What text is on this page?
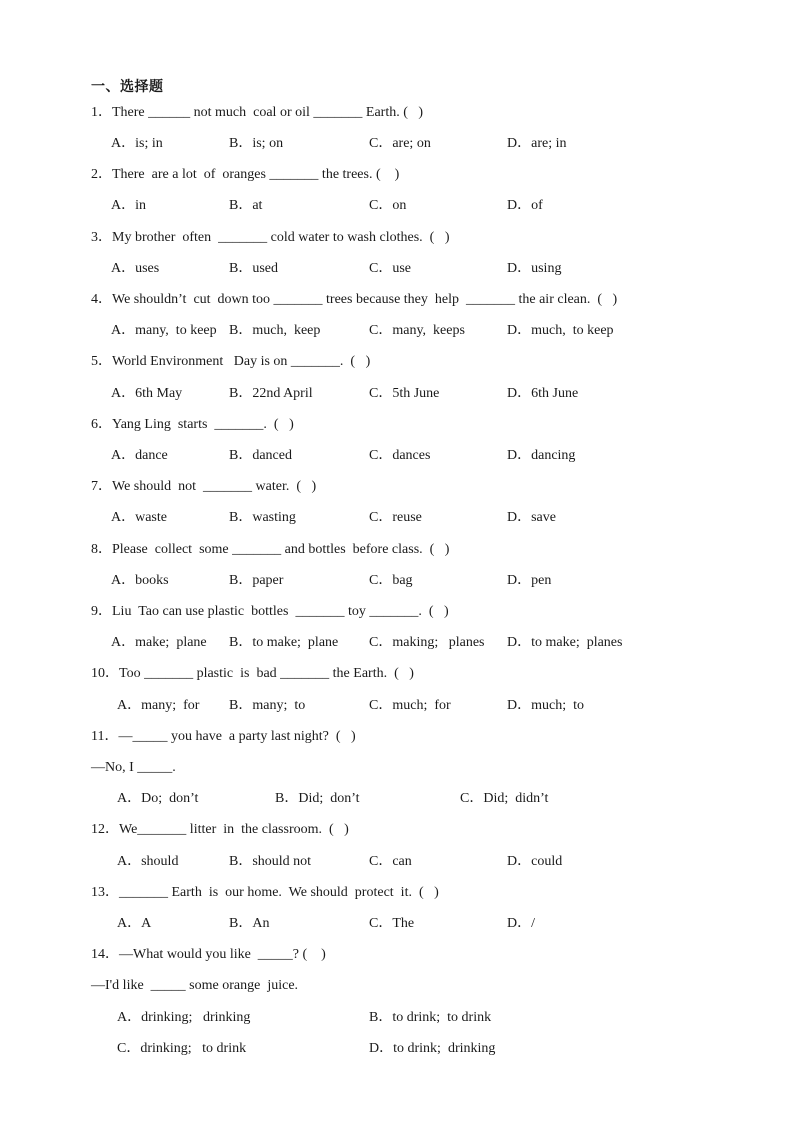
一、选择题
1．There ______ not much  coal or oil _______ Earth. (   )
A．is; in	B．is; on	C．are; on	D．are; in
2．There  are a lot  of  oranges _______ the trees. (    )
A．in	B．at	C．on	D．of
3．My brother  often  _______ cold water to wash clothes.  (   )
A．uses	B．used	C．use	D．using
4．We shouldn’t  cut  down too _______ trees because they  help  _______ the air clean.  (   )
A．many,  to keep B．much,  keep	C．many,  keeps	D．much,  to keep
5．World Environment   Day is on _______.  (   )
A．6th May	B．22nd April	C．5th June	D．6th June
6．Yang Ling  starts  _______.  (   )
A．dance	B．danced	C．dances	D．dancing
7．We should  not  _______ water.  (   )
A．waste	B．wasting	C．reuse	D．save
8．Please  collect  some _______ and bottles  before class.  (   )
A．books	B．paper	C．bag	D．pen
9．Liu  Tao can use plastic  bottles  _______ toy _______.  (   )
A．make;  plane B．to make;  plane C．making;   planes D．to make;  planes
10．Too _______ plastic  is  bad _______ the Earth.  (   )
A．many;  for B．many;  to	C．much;  for	D．much;  to
11．—_____ you have  a party last night?  (   )
—No, I _____.
A．Do;  don’t	B．Did;  don’t	C．Did;  didn’t
12．We_______ litter  in  the classroom.  (   )
A．should	B．should not	C．can	D．could
13．_______ Earth  is  our home.  We should  protect  it.  (   )
A．A	B．An	C．The	D．/
14．—What would you like  _____? (    )
—I'd like  _____ some orange  juice.
A．drinking;   drinking	B．to drink;  to drink
C．drinking;   to drink	D．to drink;  drinking
